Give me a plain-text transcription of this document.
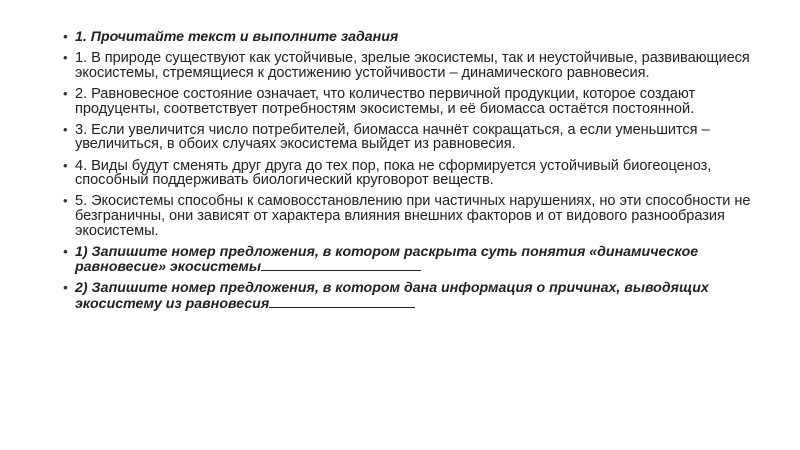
• 1. Прочитайте текст и выполните задания
• 1. В природе существуют как устойчивые, зрелые экосистемы, так и неустойчивые, развивающиеся экосистемы, стремящиеся к достижению устойчивости – динамического равновесия.
• 2. Равновесное состояние означает, что количество первичной продукции, которое создают продуценты, соответствует потребностям экосистемы, и её биомасса остаётся постоянной.
• 3. Если увеличится число потребителей, биомасса начнёт сокращаться, а если уменьшится – увеличиться, в обоих случаях экосистема выйдет из равновесия.
• 4. Виды будут сменять друг друга до тех пор, пока не сформируется устойчивый биогеоценоз, способный поддерживать биологический круговорот веществ.
• 5. Экосистемы способны к самовосстановлению при частичных нарушениях, но эти способности не безграничны, они зависят от характера влияния внешних факторов и от видового разнообразия экосистемы.
• 1) Запишите номер предложения, в котором раскрыта суть понятия «динамическое равновесие» экосистемы
• 2) Запишите номер предложения, в котором дана информация о причинах, выводящих экосистему из равновесия
